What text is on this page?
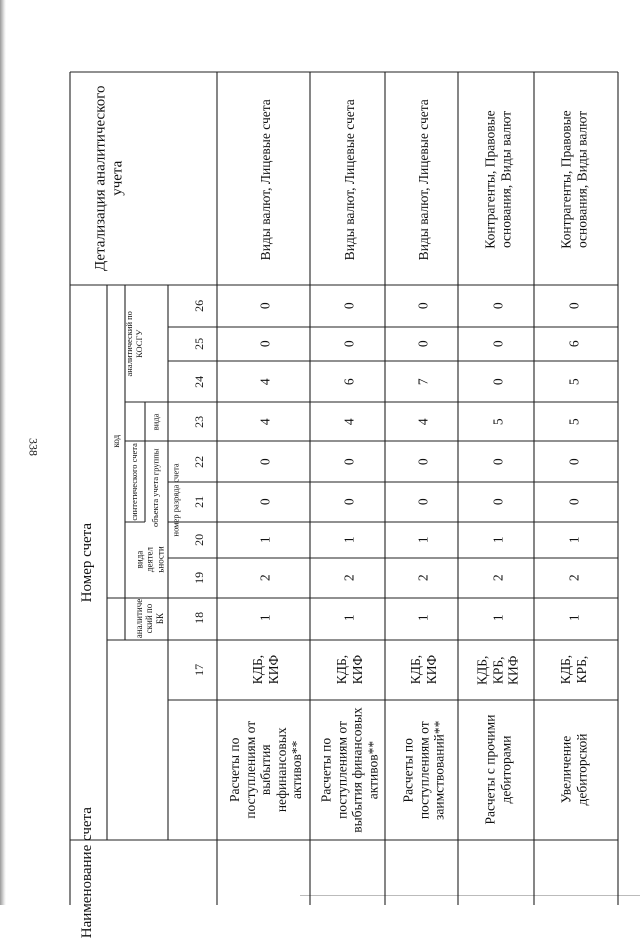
338
Наименование счета
Номер счета
код
аналитиче
ский по
БК
вида
деятел
ьности
синтетического счета объекта учета
группы
вида
аналитический по
КОСГУ
номер разряда счета
Детализация аналитического
учета
17
18
19
20
21
22
23
24
25
26
Расчеты по
поступлениям от
выбытия
нефинансовых
активов**
КДБ,
КИФ
1
2
1
0
0
4
4
0
0
Виды валют, Лицевые счета
Расчеты по
поступлениям от
выбытия финансовых
активов**
КДБ,
КИФ
1
2
1
0
0
4
6
0
0
Виды валют, Лицевые счета
Расчеты по
поступлениям от
заимствований**
КДБ,
КИФ
1
2
1
0
0
4
7
0
0
Виды валют, Лицевые счета
Расчеты с прочими
дебиторами
КДБ,
КРБ,
КИФ
1
2
1
0
0
5
0
0
0
Контрагенты, Правовые
основания, Виды валют
Увеличение
дебиторской
КДБ,
КРБ,
1
2
1
0
0
5
5
6
0
Контрагенты, Правовые
основания, Виды валют
